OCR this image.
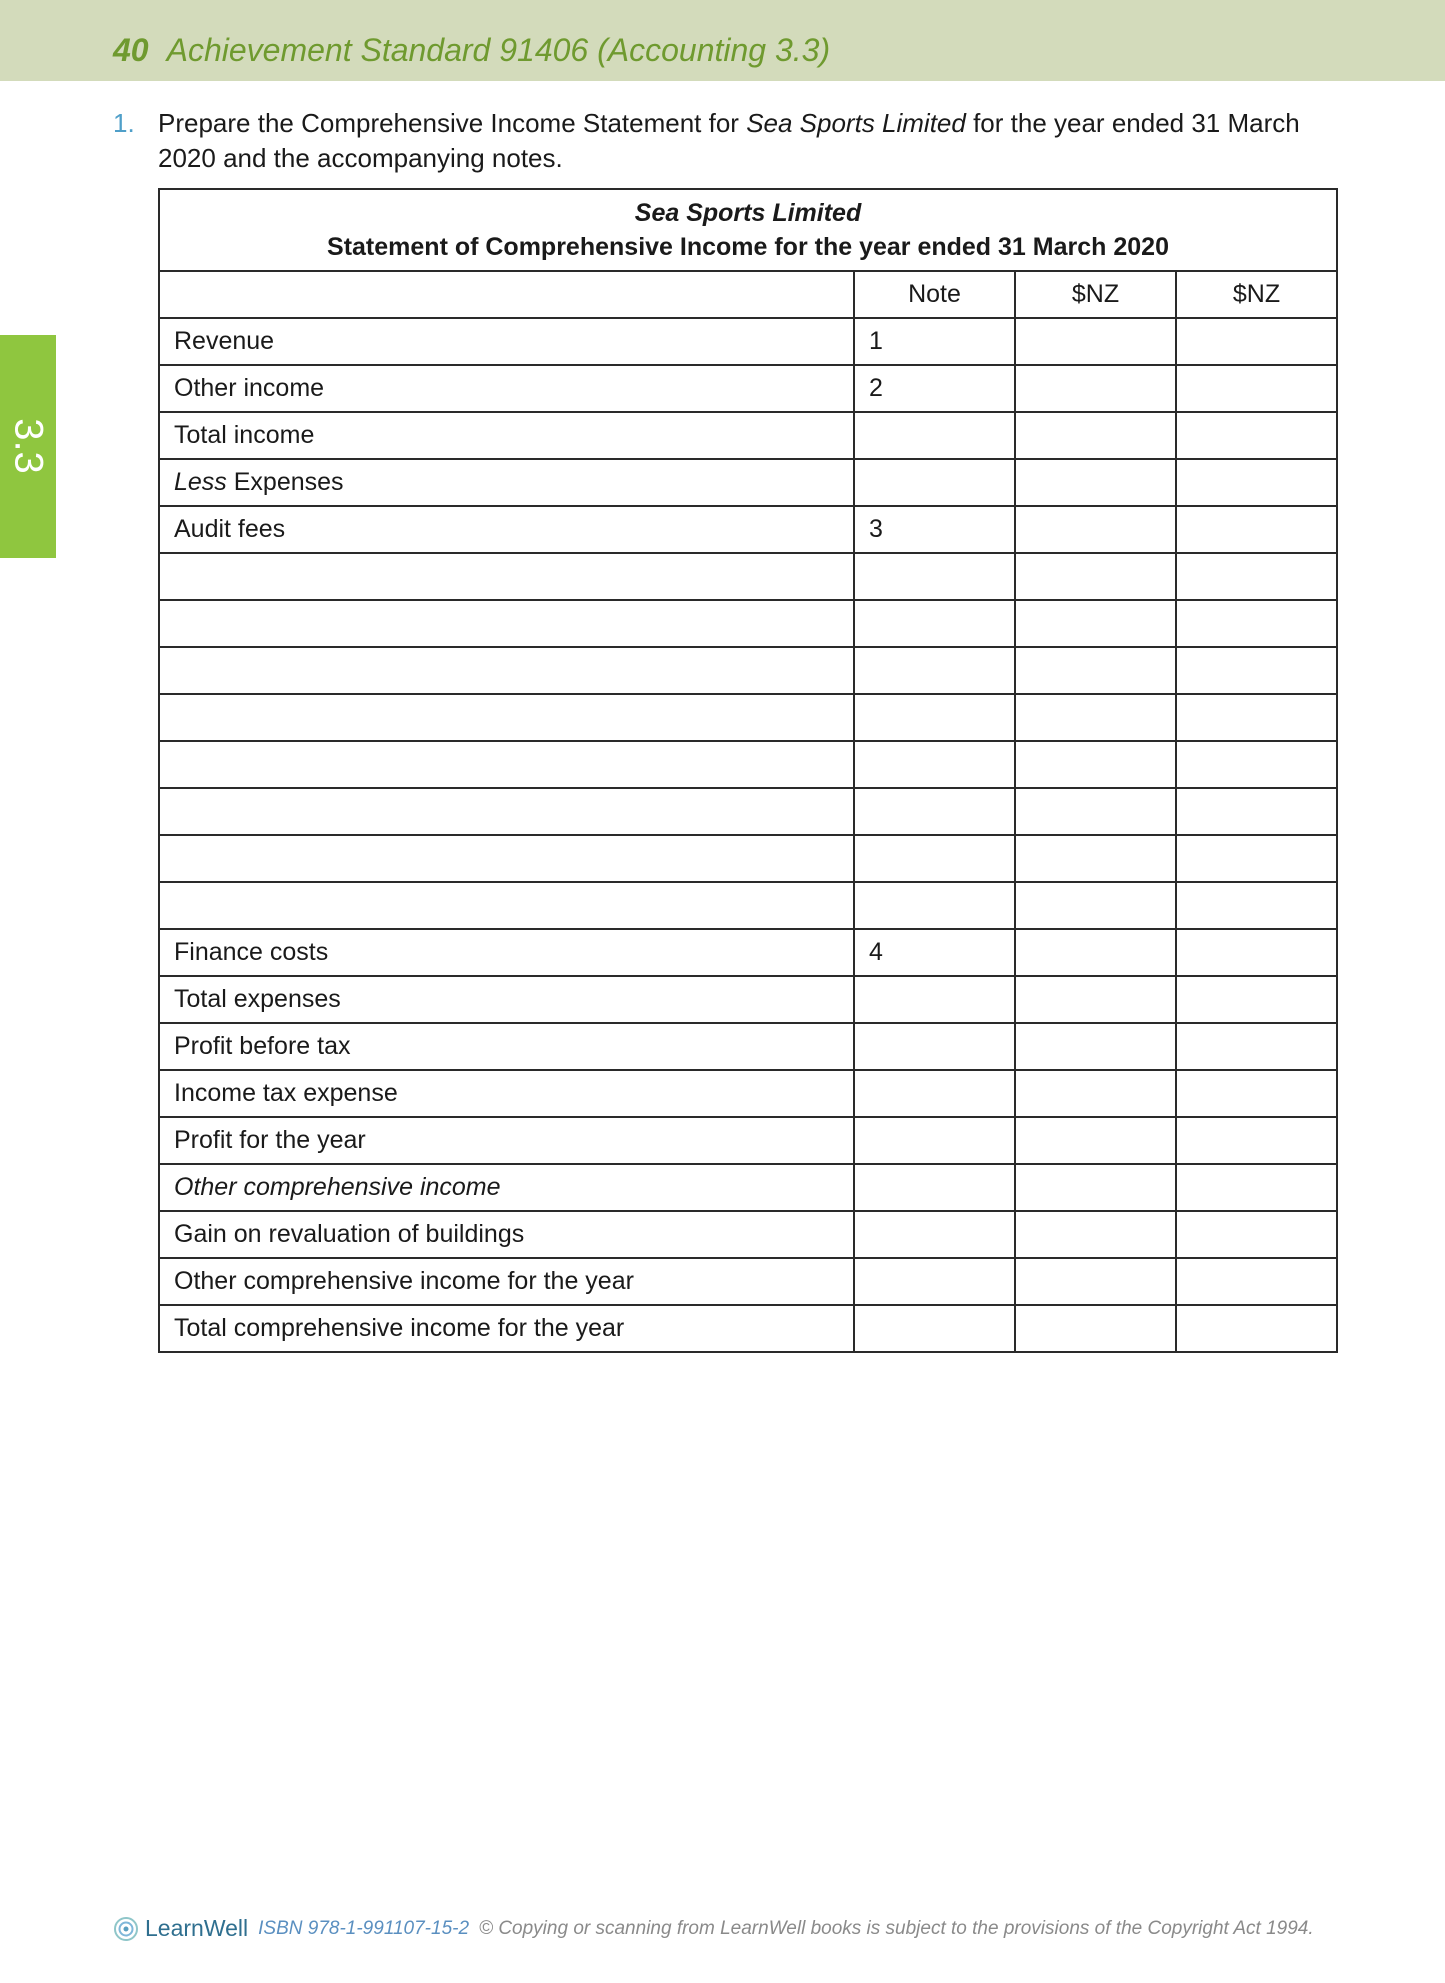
40 Achievement Standard 91406 (Accounting 3.3)
3.3
1. Prepare the Comprehensive Income Statement for Sea Sports Limited for the year ended 31 March 2020 and the accompanying notes.
Sea Sports Limited
Statement of Comprehensive Income for the year ended 31 March 2020			

	Note	$NZ	$NZ
Revenue	1		
Other income	2		
Total income			
Less Expenses			
Audit fees	3		

Finance costs	4		
Total expenses			
Profit before tax			
Income tax expense			
Profit for the year			
Other comprehensive income			
Gain on revaluation of buildings			
Other comprehensive income for the year			
Total comprehensive income for the year			
LearnWell ISBN 978-1-991107-15-2 © Copying or scanning from LearnWell books is subject to the provisions of the Copyright Act 1994.
